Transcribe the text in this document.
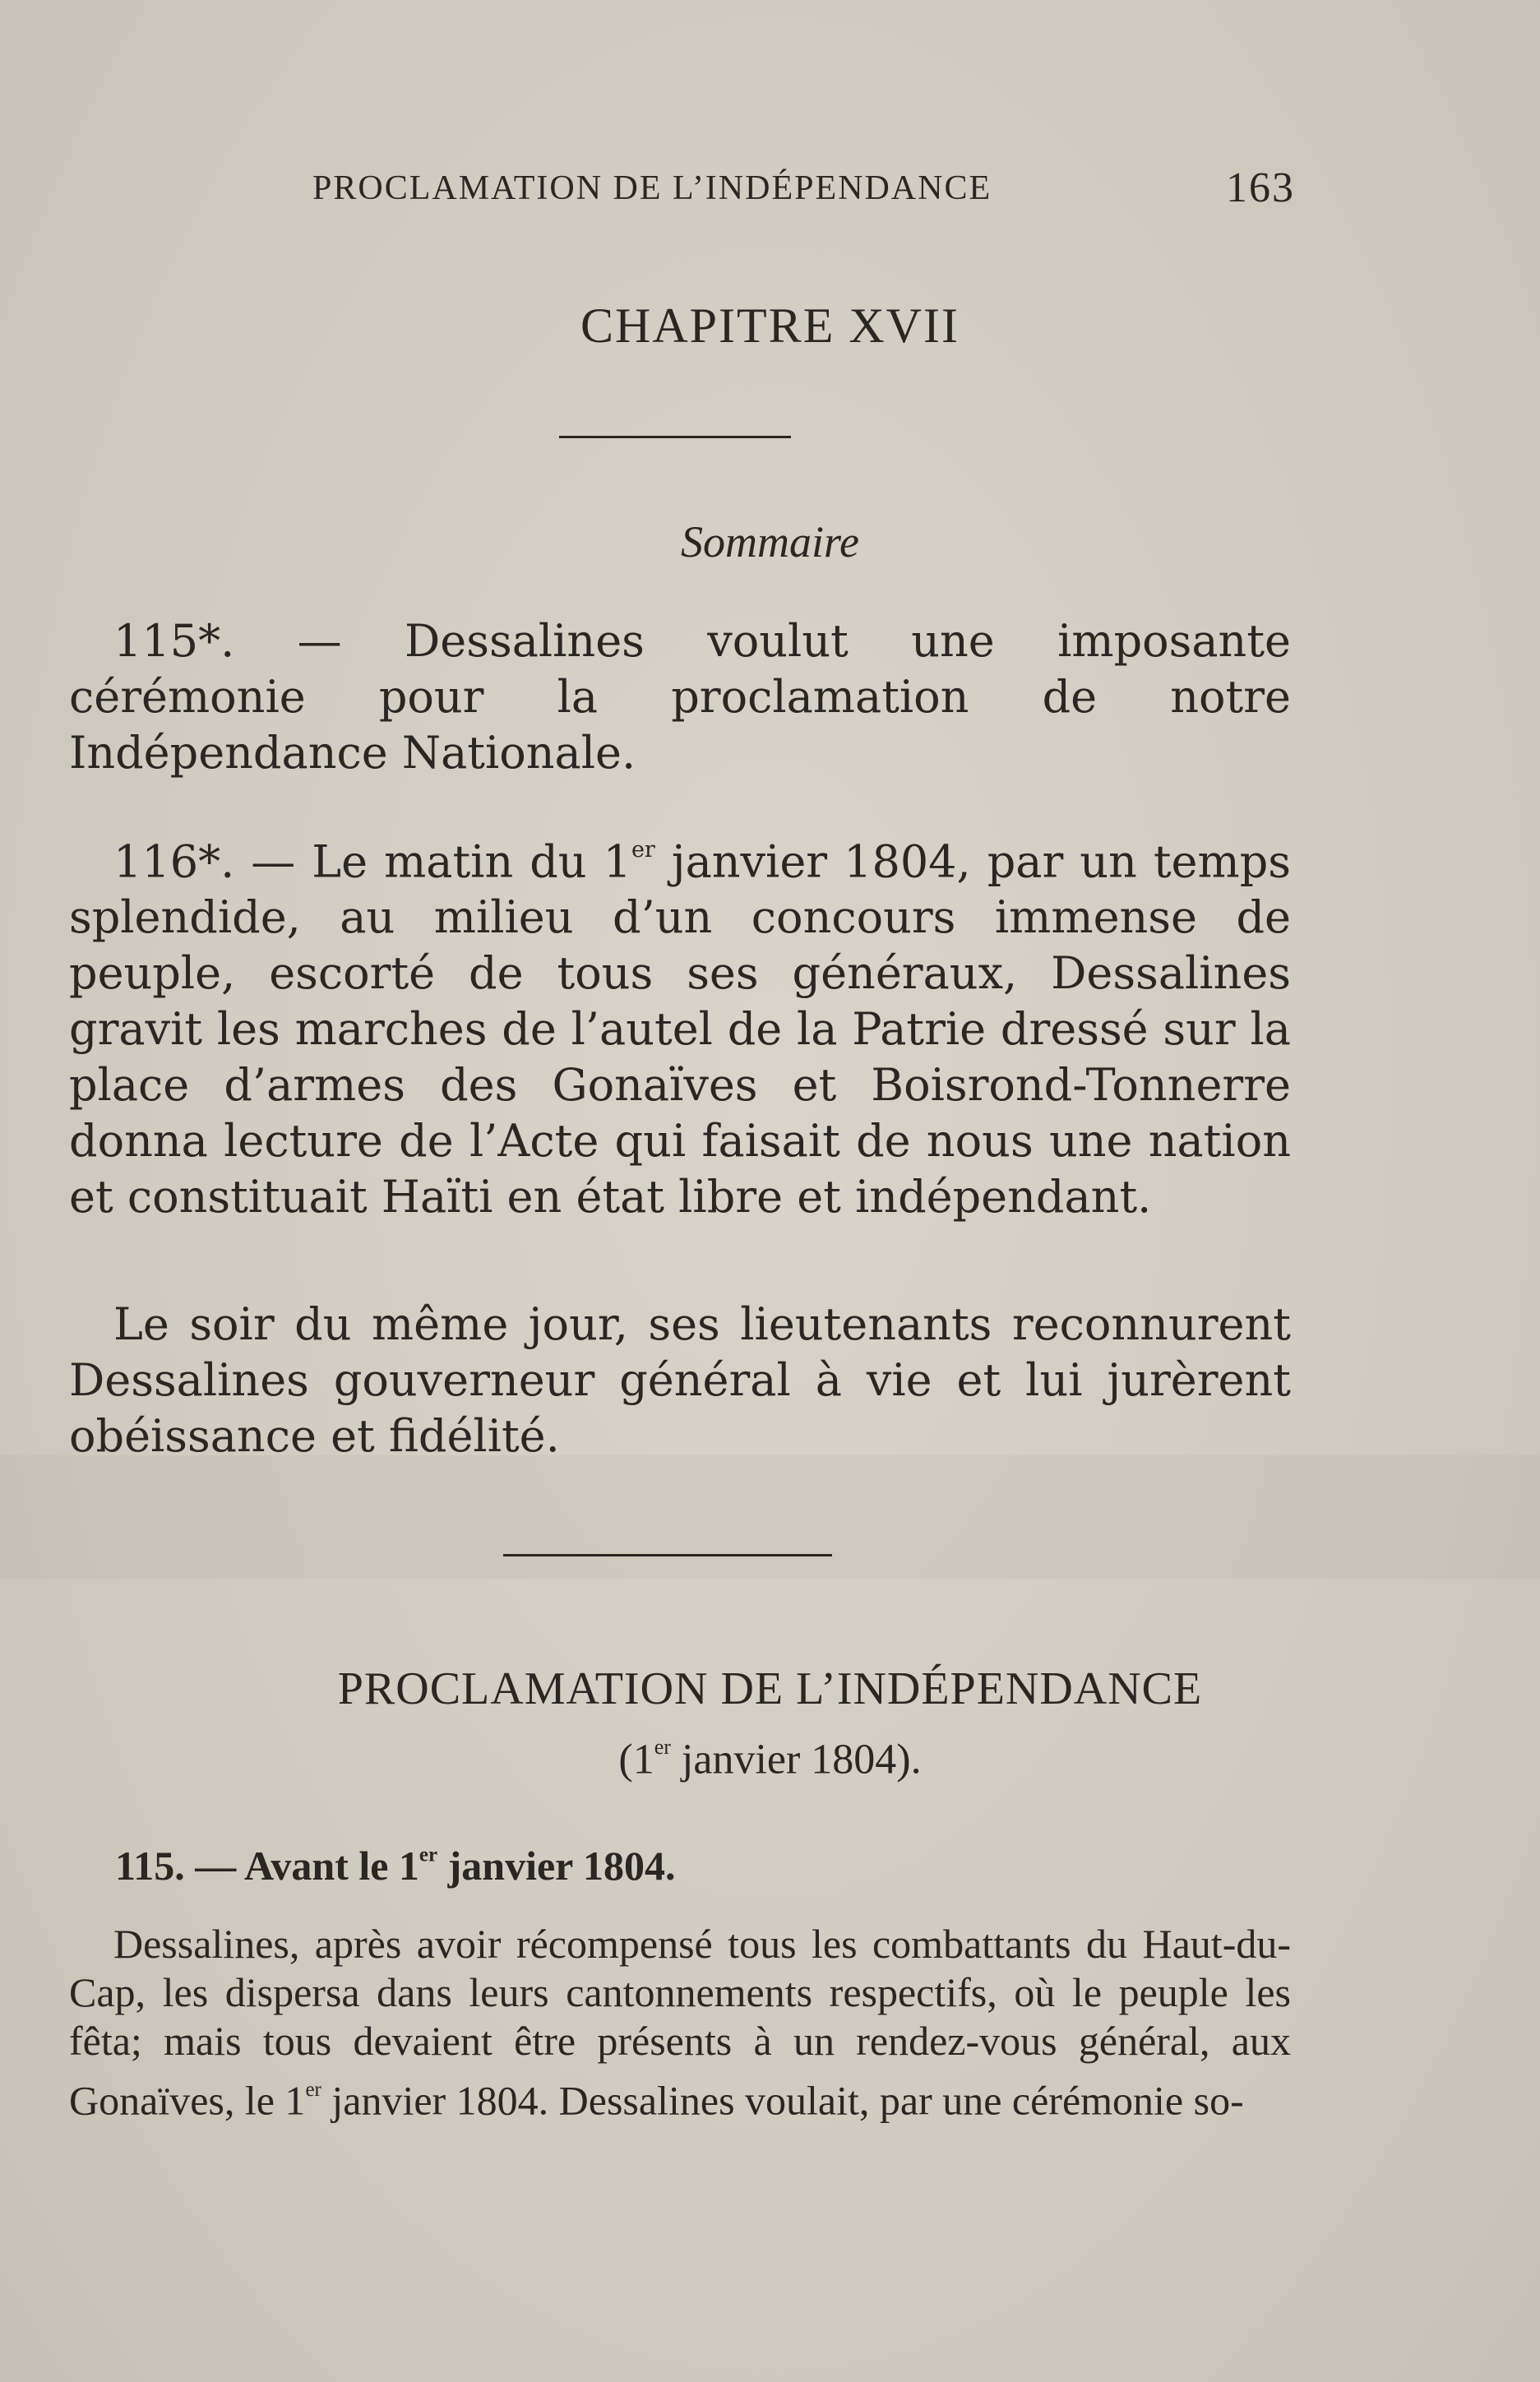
PROCLAMATION DE L’INDÉPENDANCE	163
CHAPITRE XVII
Sommaire

115*. — Dessalines voulut une imposante cérémonie pour la proclamation de notre Indépendance Nationale.

116*. — Le matin du 1er janvier 1804, par un temps splendide, au milieu d’un concours immense de peuple, escorté de tous ses généraux, Dessalines gravit les marches de l’autel de la Patrie dressé sur la place d’armes des Gonaïves et Boisrond-Tonnerre donna lecture de l’Acte qui faisait de nous une nation et constituait Haïti en état libre et indépendant.

Le soir du même jour, ses lieutenants reconnurent Dessalines gouverneur général à vie et lui jurèrent obéissance et fidélité.

PROCLAMATION DE L’INDÉPENDANCE
(1er janvier 1804).
115. — Avant le 1er janvier 1804.

Dessalines, après avoir récompensé tous les combattants du Haut-du-Cap, les dispersa dans leurs cantonnements respectifs, où le peuple les fêta; mais tous devaient être présents à un rendez-vous général, aux Gonaïves, le 1er janvier 1804. Dessalines voulait, par une cérémonie so-
